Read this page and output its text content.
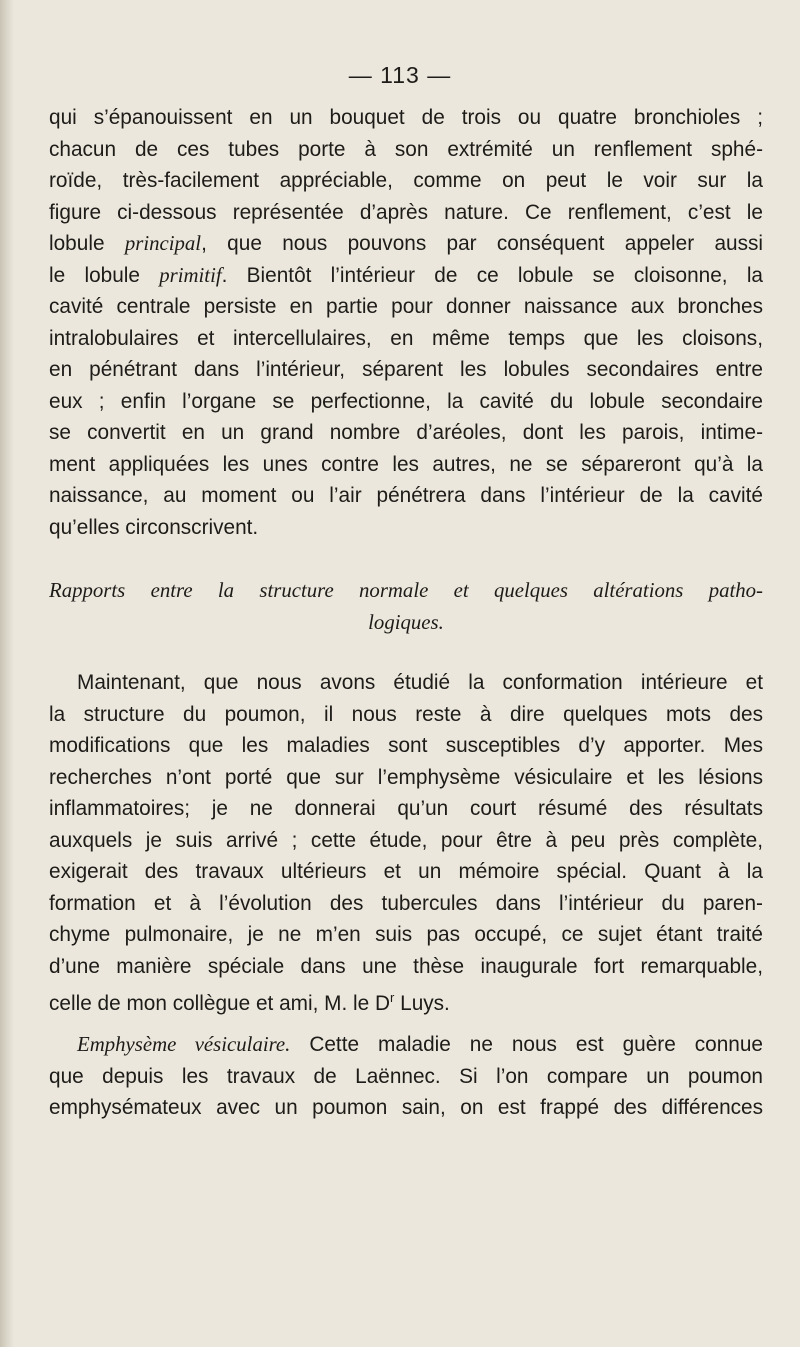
— 113 —
qui s’épanouissent en un bouquet de trois ou quatre bronchioles ;
chacun de ces tubes porte à son extrémité un renflement sphé-
roïde, très-facilement appréciable, comme on peut le voir sur la
figure ci-dessous représentée d’après nature. Ce renflement, c’est le
lobule principal, que nous pouvons par conséquent appeler aussi
le lobule primitif. Bientôt l’intérieur de ce lobule se cloisonne, la
cavité centrale persiste en partie pour donner naissance aux bronches
intralobulaires et intercellulaires, en même temps que les cloisons,
en pénétrant dans l’intérieur, séparent les lobules secondaires entre
eux ; enfin l’organe se perfectionne, la cavité du lobule secondaire
se convertit en un grand nombre d’aréoles, dont les parois, intime-
ment appliquées les unes contre les autres, ne se sépareront qu’à la
naissance, au moment ou l’air pénétrera dans l’intérieur de la cavité
qu’elles circonscrivent.
Rapports entre la structure normale et quelques altérations patho-
logiques.
Maintenant, que nous avons étudié la conformation intérieure et
la structure du poumon, il nous reste à dire quelques mots des
modifications que les maladies sont susceptibles d’y apporter. Mes
recherches n’ont porté que sur l’emphysème vésiculaire et les lésions
inflammatoires; je ne donnerai qu’un court résumé des résultats
auxquels je suis arrivé ; cette étude, pour être à peu près complète,
exigerait des travaux ultérieurs et un mémoire spécial. Quant à la
formation et à l’évolution des tubercules dans l’intérieur du paren-
chyme pulmonaire, je ne m’en suis pas occupé, ce sujet étant traité
d’une manière spéciale dans une thèse inaugurale fort remarquable,
celle de mon collègue et ami, M. le $D^r$ Luys.
Emphysème vésiculaire. Cette maladie ne nous est guère connue
que depuis les travaux de Laënnec. Si l’on compare un poumon
emphysémateux avec un poumon sain, on est frappé des différences
